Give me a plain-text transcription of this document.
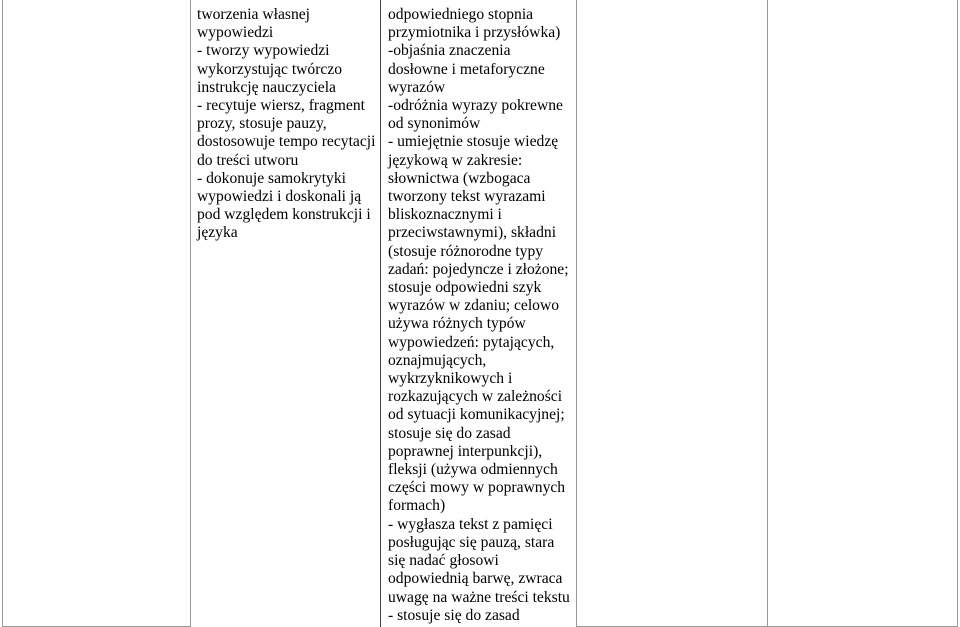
tworzenia własnej
wypowiedzi
- tworzy wypowiedzi
wykorzystując twórczo
instrukcję nauczyciela
- recytuje wiersz, fragment
prozy, stosuje pauzy,
dostosowuje tempo recytacji
do treści utworu
- dokonuje samokrytyki
wypowiedzi i doskonali ją
pod względem konstrukcji i
języka
odpowiedniego stopnia
przymiotnika i przysłówka)
-objaśnia znaczenia
dosłowne i metaforyczne
wyrazów
-odróżnia wyrazy pokrewne
od synonimów
- umiejętnie stosuje wiedzę
językową w zakresie:
słownictwa (wzbogaca
tworzony tekst wyrazami
bliskoznacznymi i
przeciwstawnymi), składni
(stosuje różnorodne typy
zadań: pojedyncze i złożone;
stosuje odpowiedni szyk
wyrazów w zdaniu; celowo
używa różnych typów
wypowiedzeń: pytających,
oznajmujących,
wykrzyknikowych i
rozkazujących w zależności
od sytuacji komunikacyjnej;
stosuje się do zasad
poprawnej interpunkcji),
fleksji (używa odmiennych
części mowy w poprawnych
formach)
- wygłasza tekst z pamięci
posługując się pauzą, stara
się nadać głosowi
odpowiednią barwę, zwraca
uwagę na ważne treści tekstu
- stosuje się do zasad
